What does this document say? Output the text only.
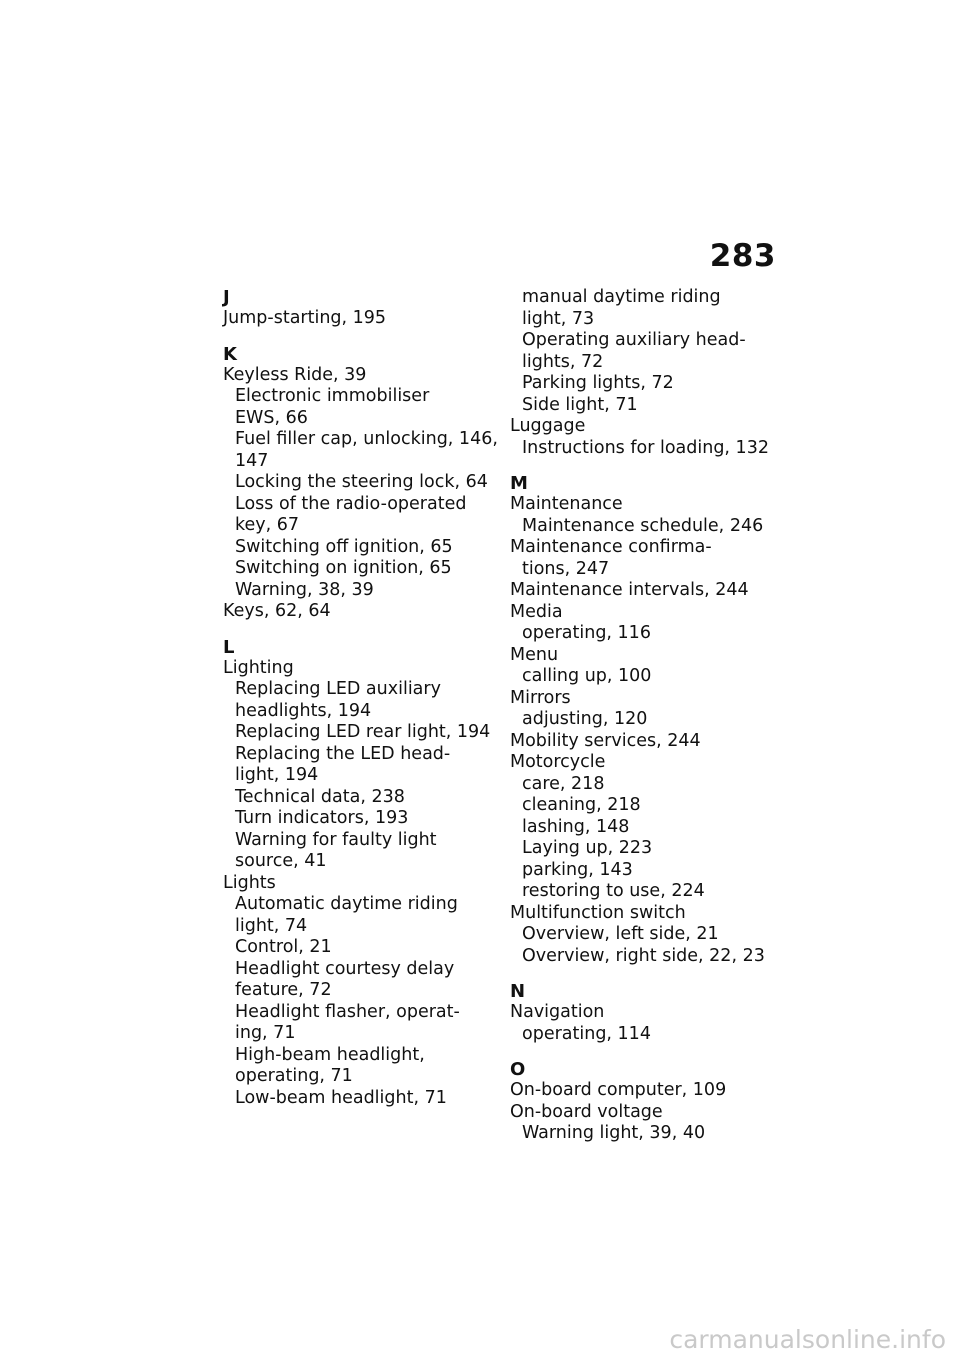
283
J
Jump-starting, 195
K
Keyless Ride, 39
Electronic immobiliser
EWS, 66
Fuel filler cap, unlocking, 146,
147
Locking the steering lock, 64
Loss of the radio-operated
key, 67
Switching off ignition, 65
Switching on ignition, 65
Warning, 38, 39
Keys, 62, 64
L
Lighting
Replacing LED auxiliary
headlights, 194
Replacing LED rear light, 194
Replacing the LED head-
light, 194
Technical data, 238
Turn indicators, 193
Warning for faulty light
source, 41
Lights
Automatic daytime riding
light, 74
Control, 21
Headlight courtesy delay
feature, 72
Headlight flasher, operat-
ing, 71
High-beam headlight,
operating, 71
Low-beam headlight, 71
manual daytime riding
light, 73
Operating auxiliary head-
lights, 72
Parking lights, 72
Side light, 71
Luggage
Instructions for loading, 132
M
Maintenance
Maintenance schedule, 246
Maintenance confirma-
tions, 247
Maintenance intervals, 244
Media
operating, 116
Menu
calling up, 100
Mirrors
adjusting, 120
Mobility services, 244
Motorcycle
care, 218
cleaning, 218
lashing, 148
Laying up, 223
parking, 143
restoring to use, 224
Multifunction switch
Overview, left side, 21
Overview, right side, 22, 23
N
Navigation
operating, 114
O
On-board computer, 109
On-board voltage
Warning light, 39, 40
carmanualsonline.info
